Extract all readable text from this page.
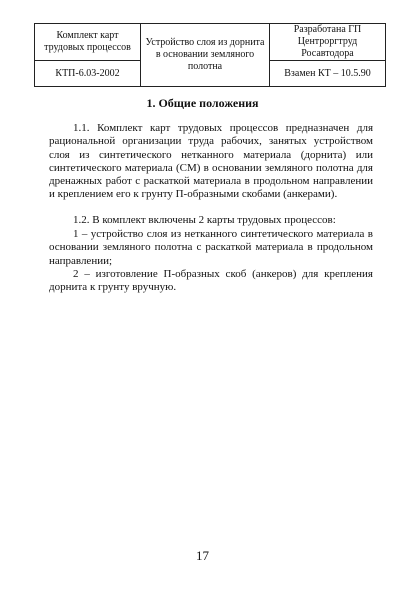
Комплект карт трудовых процессов	Устройство слоя из дорнита в основании земляного полотна	Разработана ГП Центроргтруд Росавтодора
КТП-6.03-2002		Взамен КТ – 10.5.90
1. Общие положения

1.1. Комплект карт трудовых процессов предназначен для рациональной организации труда рабочих, занятых устройством слоя из синтетического нетканного материала (дорнита) или синтетического материала (СМ) в основании земляного полотна для дренажных работ с раскаткой материала в продольном направлении и креплением его к грунту П-образными скобами (анкерами).

1.2. В комплект включены 2 карты трудовых процессов:

1 – устройство слоя из нетканного синтетического материала в основании земляного полотна с раскаткой материала в продольном направлении;

2 – изготовление П-образных скоб (анкеров) для крепления дорнита к грунту вручную.

17
